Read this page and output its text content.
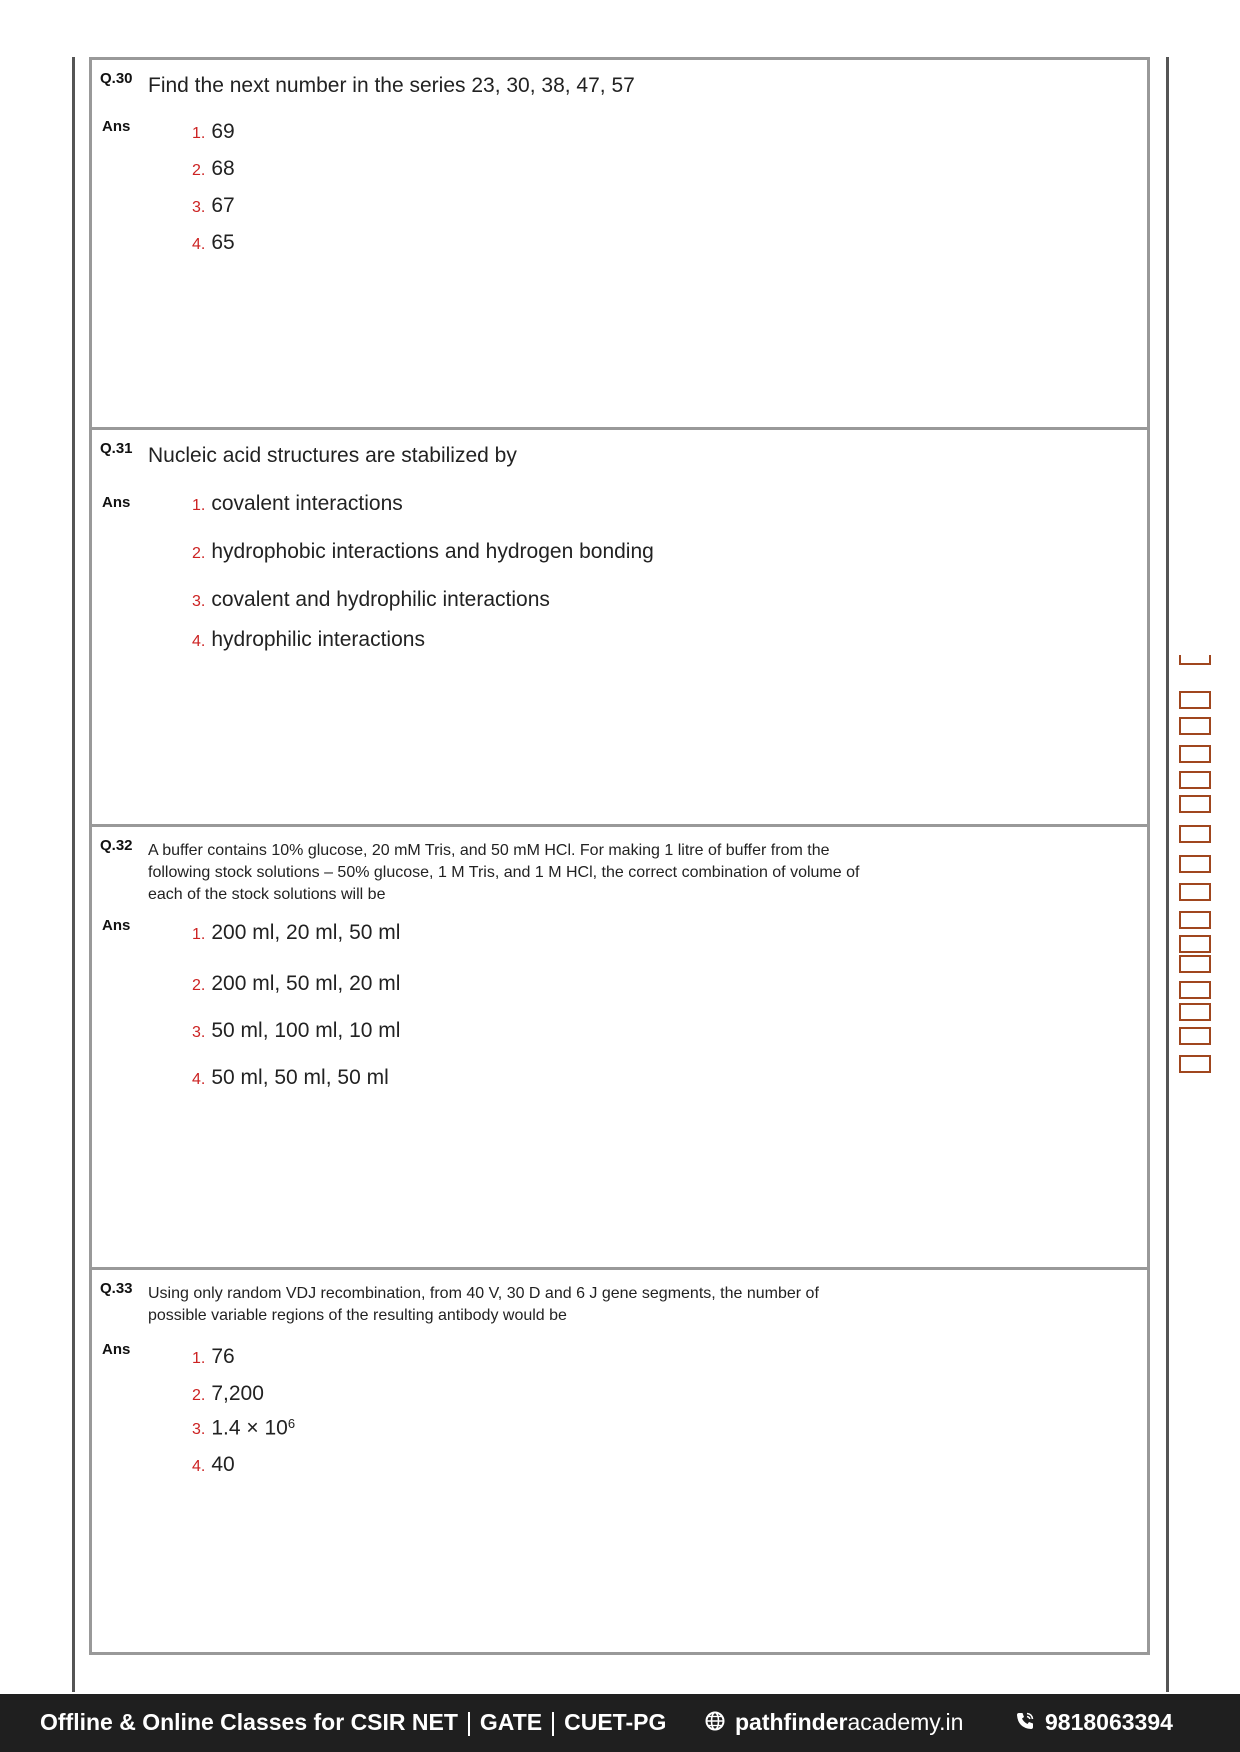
Q.30 Find the next number in the series 23, 30, 38, 47, 57
Ans	1. 69
2. 68
3. 67
4. 65
Q.31 Nucleic acid structures are stabilized by
Ans	1. covalent interactions
2. hydrophobic interactions and hydrogen bonding
3. covalent and hydrophilic interactions
4. hydrophilic interactions
Q.32 A buffer contains 10% glucose, 20 mM Tris, and 50 mM HCl. For making 1 litre of buffer from the following stock solutions – 50% glucose, 1 M Tris, and 1 M HCl, the correct combination of volume of each of the stock solutions will be
Ans
1. 200 ml, 20 ml, 50 ml
2. 200 ml, 50 ml, 20 ml
3. 50 ml, 100 ml, 10 ml
4. 50 ml, 50 ml, 50 ml
Q.33 Using only random VDJ recombination, from 40 V, 30 D and 6 J gene segments, the number of possible variable regions of the resulting antibody would be
Ans
1. 76
2. 7,200
3. $1.4 \times 10^6$
4. 40
Offline & Online Classes for CSIR NET GATE CUET-PG	pathfinderacademy.in	9818063394
